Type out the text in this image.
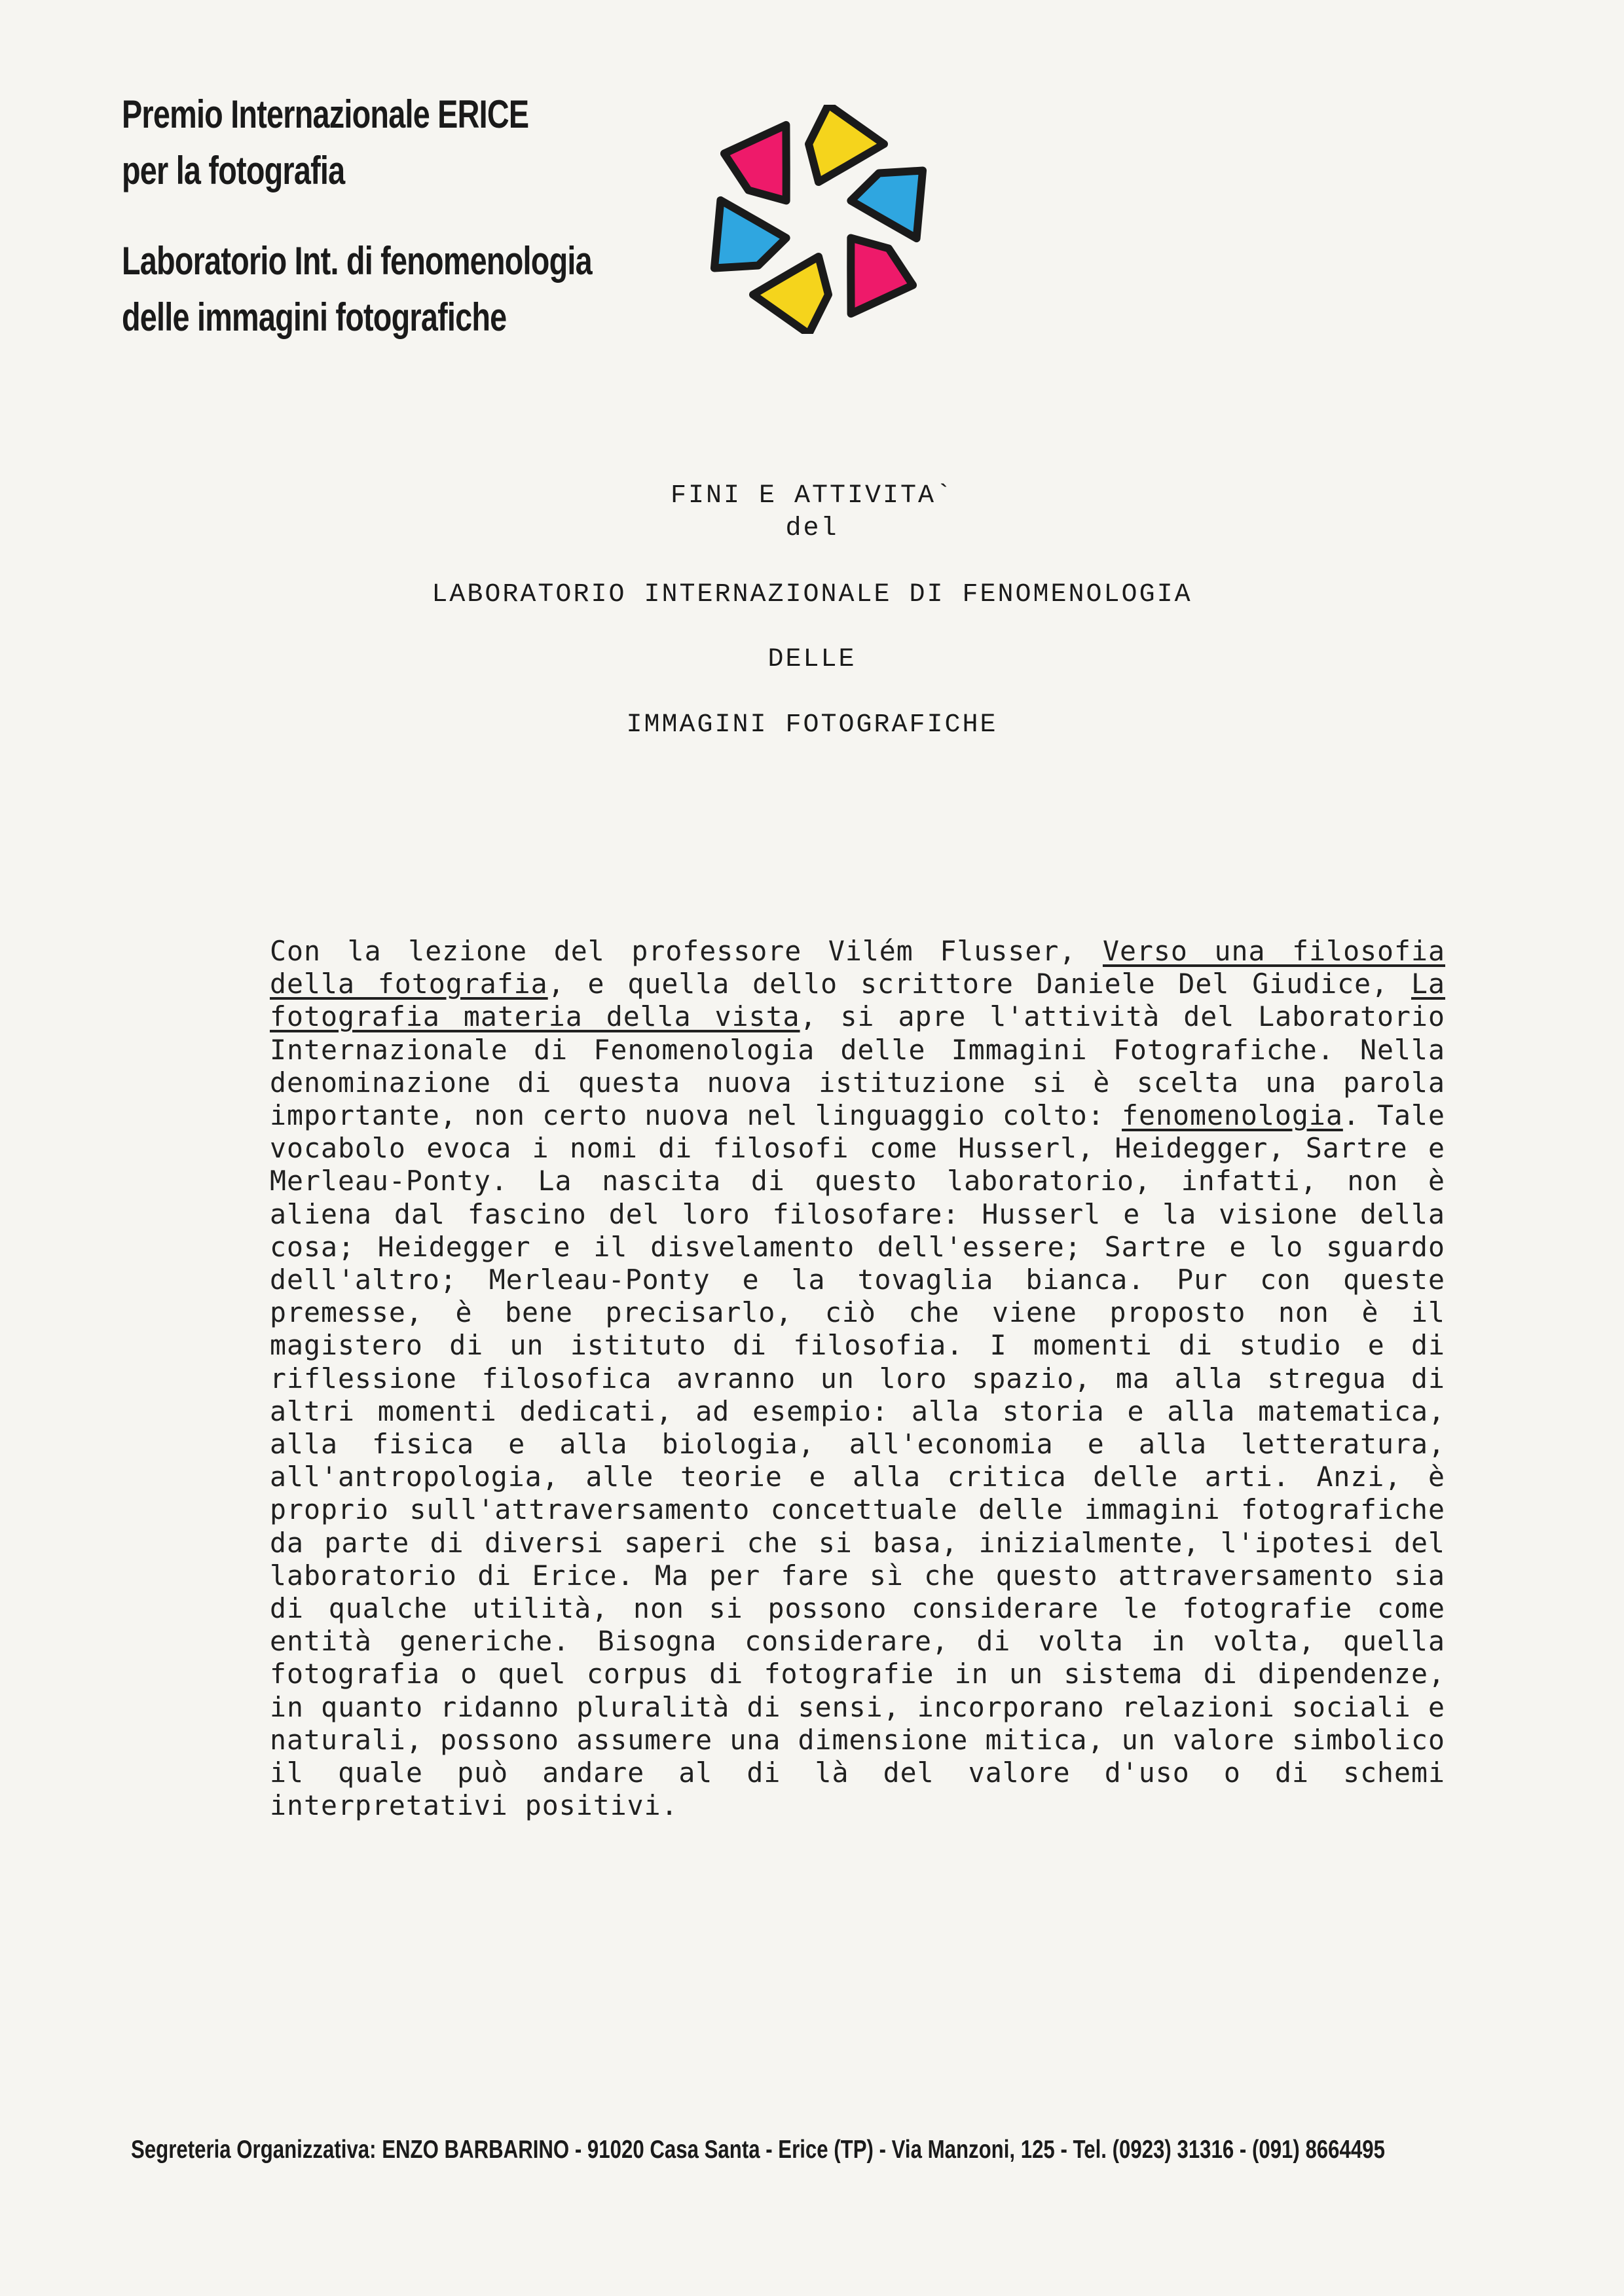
Premio Internazionale ERICE
per la fotografia
Laboratorio Int. di fenomenologia
delle immagini fotografiche
FINI E ATTIVITA`
del
LABORATORIO INTERNAZIONALE DI FENOMENOLOGIA
DELLE
IMMAGINI FOTOGRAFICHE
Con la lezione del professore Vilém Flusser, Verso una filosofia della fotografia, e quella dello scrittore Daniele Del Giudice, La fotografia materia della vista, si apre l'attività del Laboratorio Internazionale di Fenomenologia delle Immagini Fotografiche. Nella denominazione di questa nuova istituzione si è scelta una parola importante, non certo nuova nel linguaggio colto: fenomenologia. Tale vocabolo evoca i nomi di filosofi come Husserl, Heidegger, Sartre e Merleau-Ponty. La nascita di questo laboratorio, infatti, non è aliena dal fascino del loro filosofare: Husserl e la visione della cosa; Heidegger e il disvelamento dell'essere; Sartre e lo sguardo dell'altro; Merleau-Ponty e la tovaglia bianca. Pur con queste premesse, è bene precisarlo, ciò che viene proposto non è il magistero di un istituto di filosofia. I momenti di studio e di riflessione filosofica avranno un loro spazio, ma alla stregua di altri momenti dedicati, ad esempio: alla storia e alla matematica, alla fisica e alla biologia, all'economia e alla letteratura, all'antropologia, alle teorie e alla critica delle arti. Anzi, è proprio sull'attraversamento concettuale delle immagini fotografiche da parte di diversi saperi che si basa, inizialmente, l'ipotesi del laboratorio di Erice. Ma per fare sì che questo attraversamento sia di qualche utilità, non si possono considerare le fotografie come entità generiche. Bisogna considerare, di volta in volta, quella fotografia o quel corpus di fotografie in un sistema di dipendenze, in quanto ridanno pluralità di sensi, incorporano relazioni sociali e naturali, possono assumere una dimensione mitica, un valore simbolico il quale può andare al di là del valore d'uso o di schemi interpretativi positivi.
Segreteria Organizzativa: ENZO BARBARINO - 91020 Casa Santa - Erice (TP) - Via Manzoni, 125 - Tel. (0923) 31316 - (091) 8664495
